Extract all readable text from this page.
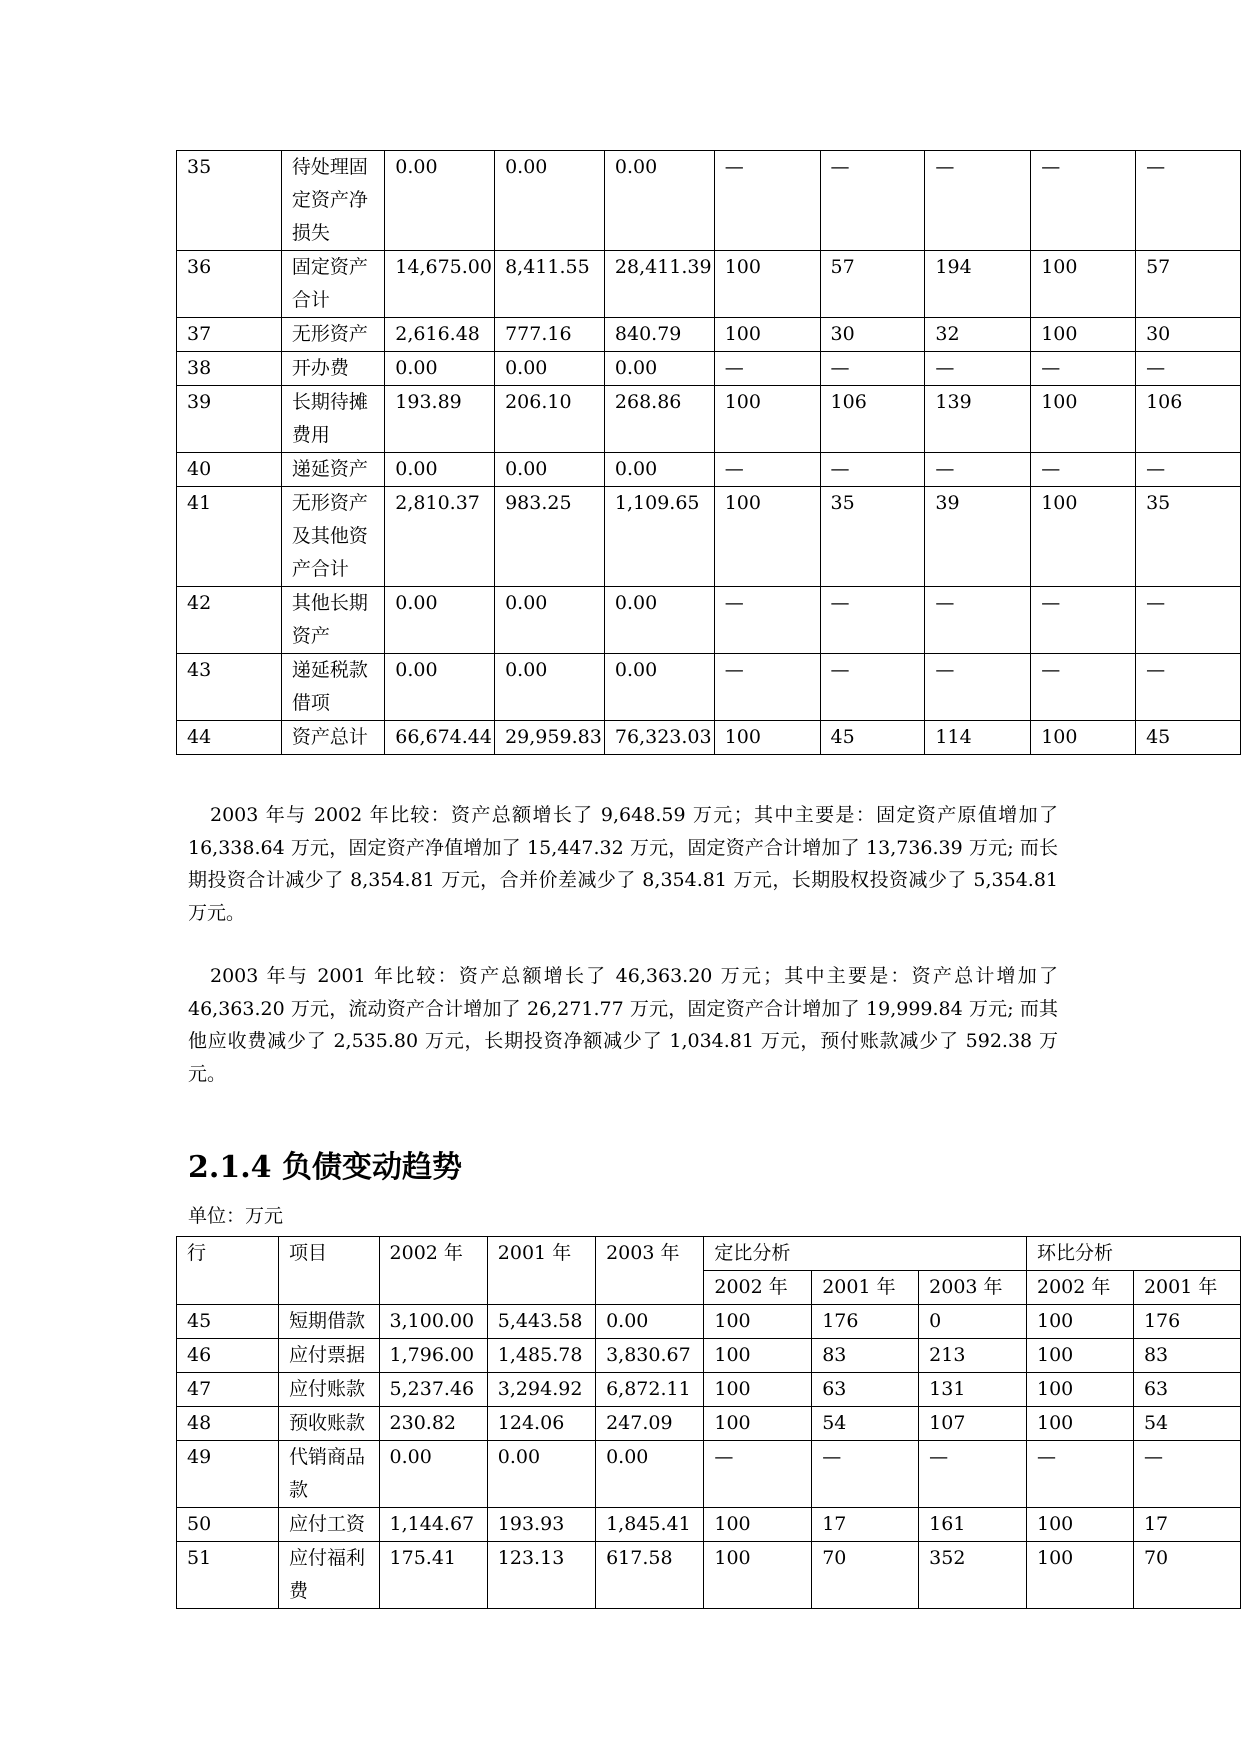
35	待处理固定资产净损失	0.00	0.00	0.00	—	—	—	—	—
36	固定资产合计	14,675.00	8,411.55	28,411.39	100	57	194	100	57
37	无形资产	2,616.48	777.16	840.79	100	30	32	100	30
38	开办费	0.00	0.00	0.00	—	—	—	—	—
39	长期待摊费用	193.89	206.10	268.86	100	106	139	100	106
40	递延资产	0.00	0.00	0.00	—	—	—	—	—
41	无形资产及其他资产合计	2,810.37	983.25	1,109.65	100	35	39	100	35
42	其他长期资产	0.00	0.00	0.00	—	—	—	—	—
43	递延税款借项	0.00	0.00	0.00	—	—	—	—	—
44	资产总计	66,674.44	29,959.83	76,323.03	100	45	114	100	45

2003 年与 2002 年比较：资产总额增长了 9,648.59 万元；其中主要是：固定资产原值增加了 16,338.64 万元，固定资产净值增加了 15,447.32 万元，固定资产合计增加了 13,736.39 万元; 而长期投资合计减少了 8,354.81 万元，合并价差减少了 8,354.81 万元，长期股权投资减少了 5,354.81 万元。

2003 年与 2001 年比较：资产总额增长了 46,363.20 万元；其中主要是：资产总计增加了 46,363.20 万元，流动资产合计增加了 26,271.77 万元，固定资产合计增加了 19,999.84 万元; 而其他应收费减少了 2,535.80 万元，长期投资净额减少了 1,034.81 万元，预付账款减少了 592.38 万元。

2.1.4 负债变动趋势
单位：万元
行	项目	2002 年	2001 年	2003 年	定比分析			环比分析	
					2002 年	2001 年	2003 年	2002 年	2001 年
45	短期借款	3,100.00	5,443.58	0.00	100	176	0	100	176
46	应付票据	1,796.00	1,485.78	3,830.67	100	83	213	100	83
47	应付账款	5,237.46	3,294.92	6,872.11	100	63	131	100	63
48	预收账款	230.82	124.06	247.09	100	54	107	100	54
49	代销商品款	0.00	0.00	0.00	—	—	—	—	—
50	应付工资	1,144.67	193.93	1,845.41	100	17	161	100	17
51	应付福利费	175.41	123.13	617.58	100	70	352	100	70
